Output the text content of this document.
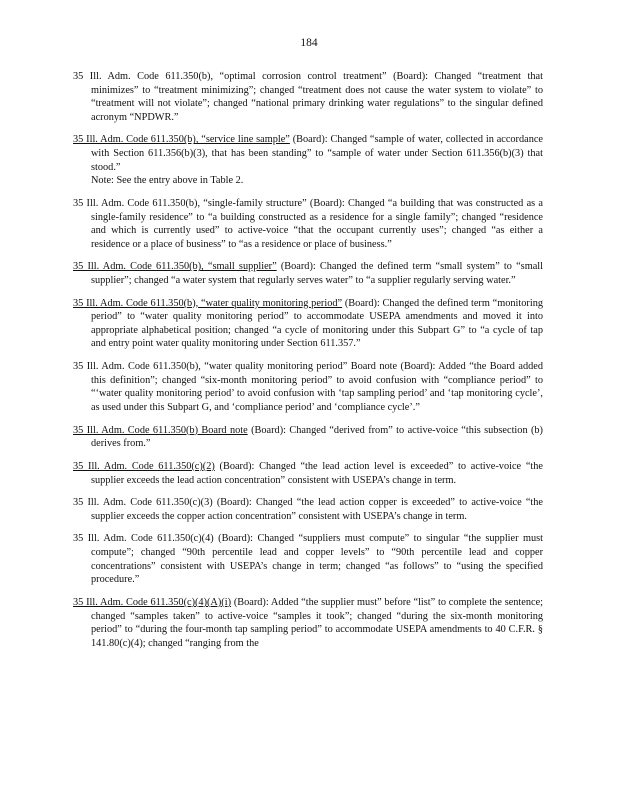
184

35 Ill. Adm. Code 611.350(b), “optimal corrosion control treatment” (Board): Changed “treatment that minimizes” to “treatment minimizing”; changed “treatment does not cause the water system to violate” to “treatment will not violate”; changed “national primary drinking water regulations” to the singular defined acronym “NPDWR.”

35 Ill. Adm. Code 611.350(b), “service line sample” (Board): Changed “sample of water, collected in accordance with Section 611.356(b)(3), that has been standing” to “sample of water under Section 611.356(b)(3) that stood.”
Note: See the entry above in Table 2.

35 Ill. Adm. Code 611.350(b), “single-family structure” (Board): Changed “a building that was constructed as a single-family residence” to “a building constructed as a residence for a single family”; changed “residence and which is currently used” to active-voice “that the occupant currently uses”; changed “as either a residence or a place of business” to “as a residence or place of business.”

35 Ill. Adm. Code 611.350(b), “small supplier” (Board): Changed the defined term “small system” to “small supplier”; changed “a water system that regularly serves water” to “a supplier regularly serving water.”

35 Ill. Adm. Code 611.350(b), “water quality monitoring period” (Board): Changed the defined term “monitoring period” to “water quality monitoring period” to accommodate USEPA amendments and moved it into appropriate alphabetical position; changed “a cycle of monitoring under this Subpart G” to “a cycle of tap and entry point water quality monitoring under Section 611.357.”

35 Ill. Adm. Code 611.350(b), “water quality monitoring period” Board note (Board): Added “the Board added this definition”; changed “six-month monitoring period” to avoid confusion with “compliance period” to “‘water quality monitoring period’ to avoid confusion with ‘tap sampling period’ and ‘tap monitoring cycle’, as used under this Subpart G, and ‘compliance period’ and ‘compliance cycle’.”

35 Ill. Adm. Code 611.350(b) Board note (Board): Changed “derived from” to active-voice “this subsection (b) derives from.”

35 Ill. Adm. Code 611.350(c)(2) (Board): Changed “the lead action level is exceeded” to active-voice “the supplier exceeds the lead action concentration” consistent with USEPA’s change in term.

35 Ill. Adm. Code 611.350(c)(3) (Board): Changed “the lead action copper is exceeded” to active-voice “the supplier exceeds the copper action concentration” consistent with USEPA’s change in term.

35 Ill. Adm. Code 611.350(c)(4) (Board): Changed “suppliers must compute” to singular “the supplier must compute”; changed “90th percentile lead and copper levels” to “90th percentile lead and copper concentrations” consistent with USEPA’s change in term; changed “as follows” to “using the specified procedure.”

35 Ill. Adm. Code 611.350(c)(4)(A)(i) (Board): Added “the supplier must” before “list” to complete the sentence; changed “samples taken” to active-voice “samples it took”; changed “during the six-month monitoring period” to “during the four-month tap sampling period” to accommodate USEPA amendments to 40 C.F.R. § 141.80(c)(4); changed “ranging from the
